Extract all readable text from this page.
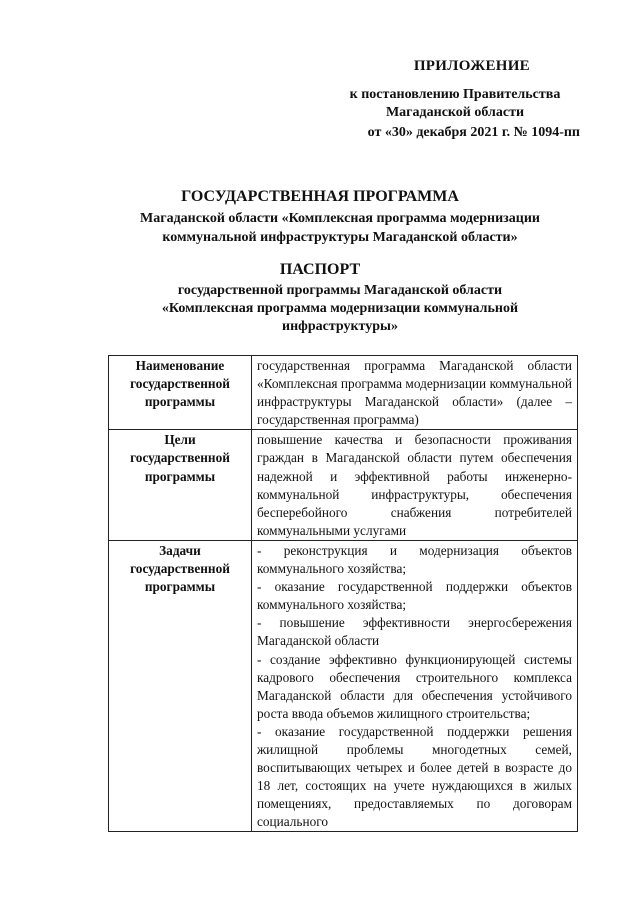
ПРИЛОЖЕНИЕ
к постановлению Правительства
Магаданской области
от «30» декабря 2021 г. № 1094-пп
ГОСУДАРСТВЕННАЯ ПРОГРАММА
Магаданской области «Комплексная программа модернизации
коммунальной инфраструктуры Магаданской области»
ПАСПОРТ
государственной программы Магаданской области
«Комплексная программа модернизации коммунальной
инфраструктуры»
Наименование государственной программы	государственная программа Магаданской области «Комплексная программа модернизации коммунальной инфраструктуры Магаданской области» (далее – государственная программа)
Цели государственной программы	повышение качества и безопасности проживания граждан в Магаданской области путем обеспечения надежной и эффективной работы инженерно-коммунальной инфраструктуры, обеспечения бесперебойного снабжения потребителей коммунальными услугами
Задачи государственной программы	- реконструкция и модернизация объектов коммунального хозяйства;
- оказание государственной поддержки объектов коммунального хозяйства;
- повышение эффективности энергосбережения Магаданской области
- создание эффективно функционирующей системы кадрового обеспечения строительного комплекса Магаданской области для обеспечения устойчивого роста ввода объемов жилищного строительства;
- оказание государственной поддержки решения жилищной проблемы многодетных семей, воспитывающих четырех и более детей в возрасте до 18 лет, состоящих на учете нуждающихся в жилых помещениях, предоставляемых по договорам социального
